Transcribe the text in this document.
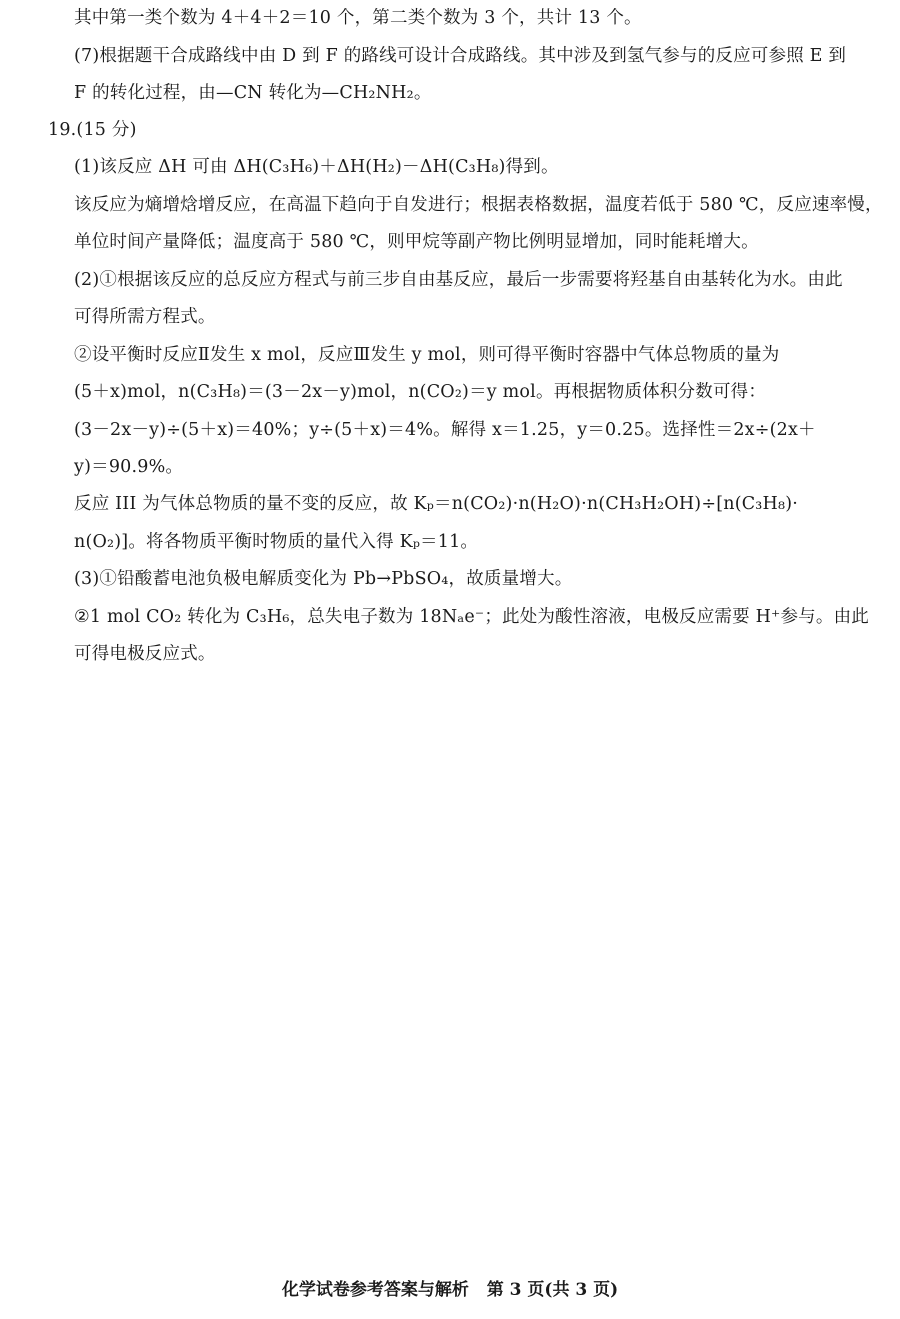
其中第一类个数为 4＋4＋2＝10 个，第二类个数为 3 个，共计 13 个。
(7)根据题干合成路线中由 D 到 F 的路线可设计合成路线。其中涉及到氢气参与的反应可参照 E 到
F 的转化过程，由—CN 转化为—CH₂NH₂。
19.(15 分)
(1)该反应 ΔH 可由 ΔH(C₃H₆)＋ΔH(H₂)－ΔH(C₃H₈)得到。
该反应为熵增焓增反应，在高温下趋向于自发进行；根据表格数据，温度若低于 580 ℃，反应速率慢，
单位时间产量降低；温度高于 580 ℃，则甲烷等副产物比例明显增加，同时能耗增大。
(2)①根据该反应的总反应方程式与前三步自由基反应，最后一步需要将羟基自由基转化为水。由此
可得所需方程式。
②设平衡时反应Ⅱ发生 x mol，反应Ⅲ发生 y mol，则可得平衡时容器中气体总物质的量为
(5＋x)mol，n(C₃H₈)＝(3－2x－y)mol，n(CO₂)＝y mol。再根据物质体积分数可得：
(3－2x－y)÷(5＋x)＝40%；y÷(5＋x)＝4%。解得 x＝1.25，y＝0.25。选择性＝2x÷(2x＋
y)＝90.9%。
反应 III 为气体总物质的量不变的反应，故 Kₚ＝n(CO₂)·n(H₂O)·n(CH₃H₂OH)÷[n(C₃H₈)·
n(O₂)]。将各物质平衡时物质的量代入得 Kₚ＝11。
(3)①铅酸蓄电池负极电解质变化为 Pb→PbSO₄，故质量增大。
②1 mol CO₂ 转化为 C₃H₆，总失电子数为 18Nₐe⁻；此处为酸性溶液，电极反应需要 H⁺参与。由此
可得电极反应式。
化学试卷参考答案与解析 第 3 页(共 3 页)
